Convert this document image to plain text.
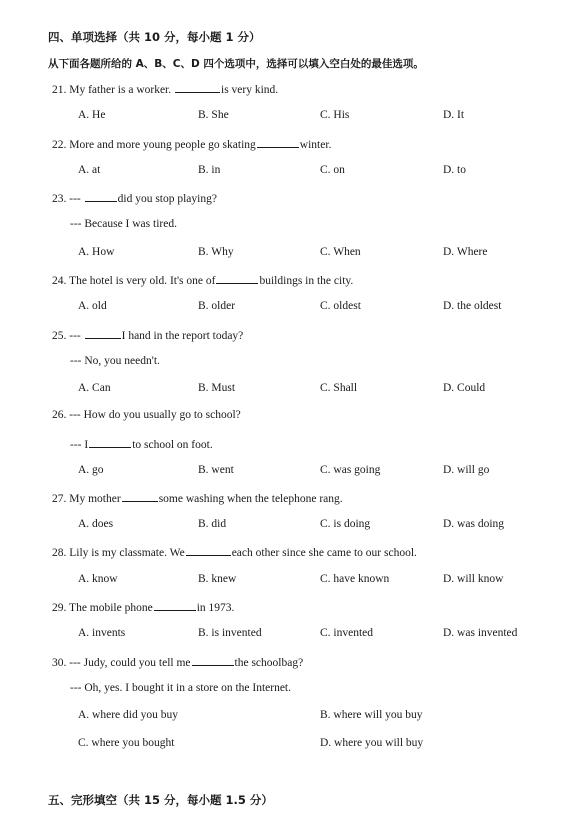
四、单项选择（共 10 分，每小题 1 分）
从下面各题所给的 A、B、C、D 四个选项中，选择可以填入空白处的最佳选项。
21. My father is a worker.	is very kind.
A. He	B. She	C. His	D. It
22. More and more young people go skating	winter.
A. at	B. in	C. on	D. to
23. ---	did you stop playing?
--- Because I was tired.
A. How	B. Why	C. When	D. Where
24. The hotel is very old. It's one of	buildings in the city.
A. old	B. older	C. oldest	D. the oldest
25. ---	I hand in the report today?
--- No, you needn't.
A. Can	B. Must	C. Shall	D. Could
26. --- How do you usually go to school?
--- I	to school on foot.
A. go	B. went	C. was going	D. will go
27. My mother	some washing when the telephone rang.
A. does	B. did	C. is doing	D. was doing
28. Lily is my classmate. We	each other since she came to our school.
A. know	B. knew	C. have known	D. will know
29. The mobile phone	in 1973.
A. invents	B. is invented	C. invented	D. was invented
30. --- Judy, could you tell me	the schoolbag?
--- Oh, yes. I bought it in a store on the Internet.
A. where did you buy	B. where will you buy
C. where you bought	D. where you will buy
五、完形填空（共 15 分，每小题 1.5 分）
